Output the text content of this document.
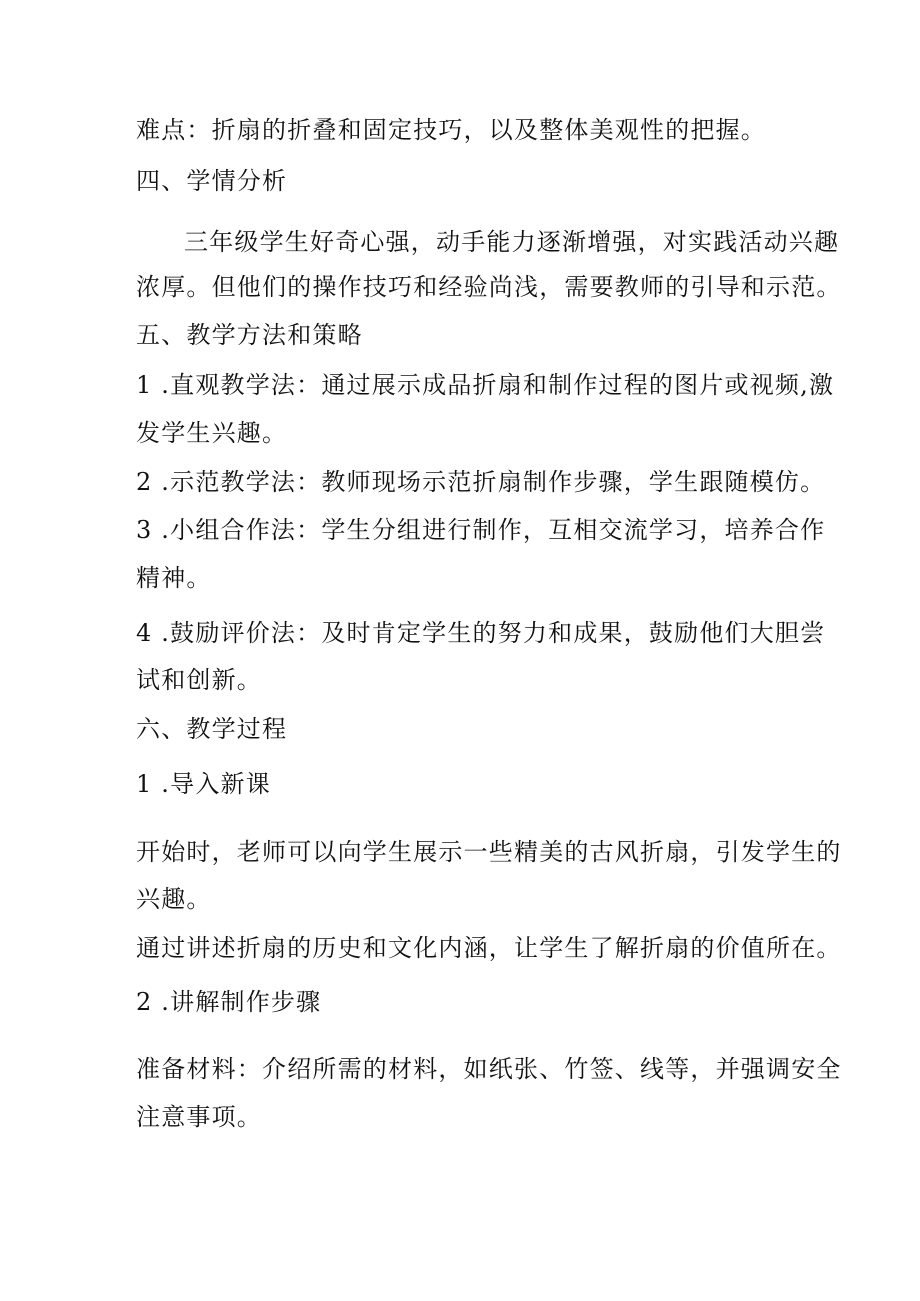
难点：折扇的折叠和固定技巧，以及整体美观性的把握。
四、学情分析
三年级学生好奇心强，动手能力逐渐增强，对实践活动兴趣
浓厚。但他们的操作技巧和经验尚浅，需要教师的引导和示范。
五、教学方法和策略
1 .直观教学法：通过展示成品折扇和制作过程的图片或视频,激
发学生兴趣。
2 .示范教学法：教师现场示范折扇制作步骤，学生跟随模仿。
3 .小组合作法：学生分组进行制作，互相交流学习，培养合作
精神。
4 .鼓励评价法：及时肯定学生的努力和成果，鼓励他们大胆尝
试和创新。
六、教学过程
1 .导入新课
开始时，老师可以向学生展示一些精美的古风折扇，引发学生的
兴趣。
通过讲述折扇的历史和文化内涵，让学生了解折扇的价值所在。
2 .讲解制作步骤
准备材料：介绍所需的材料，如纸张、竹签、线等，并强调安全
注意事项。
